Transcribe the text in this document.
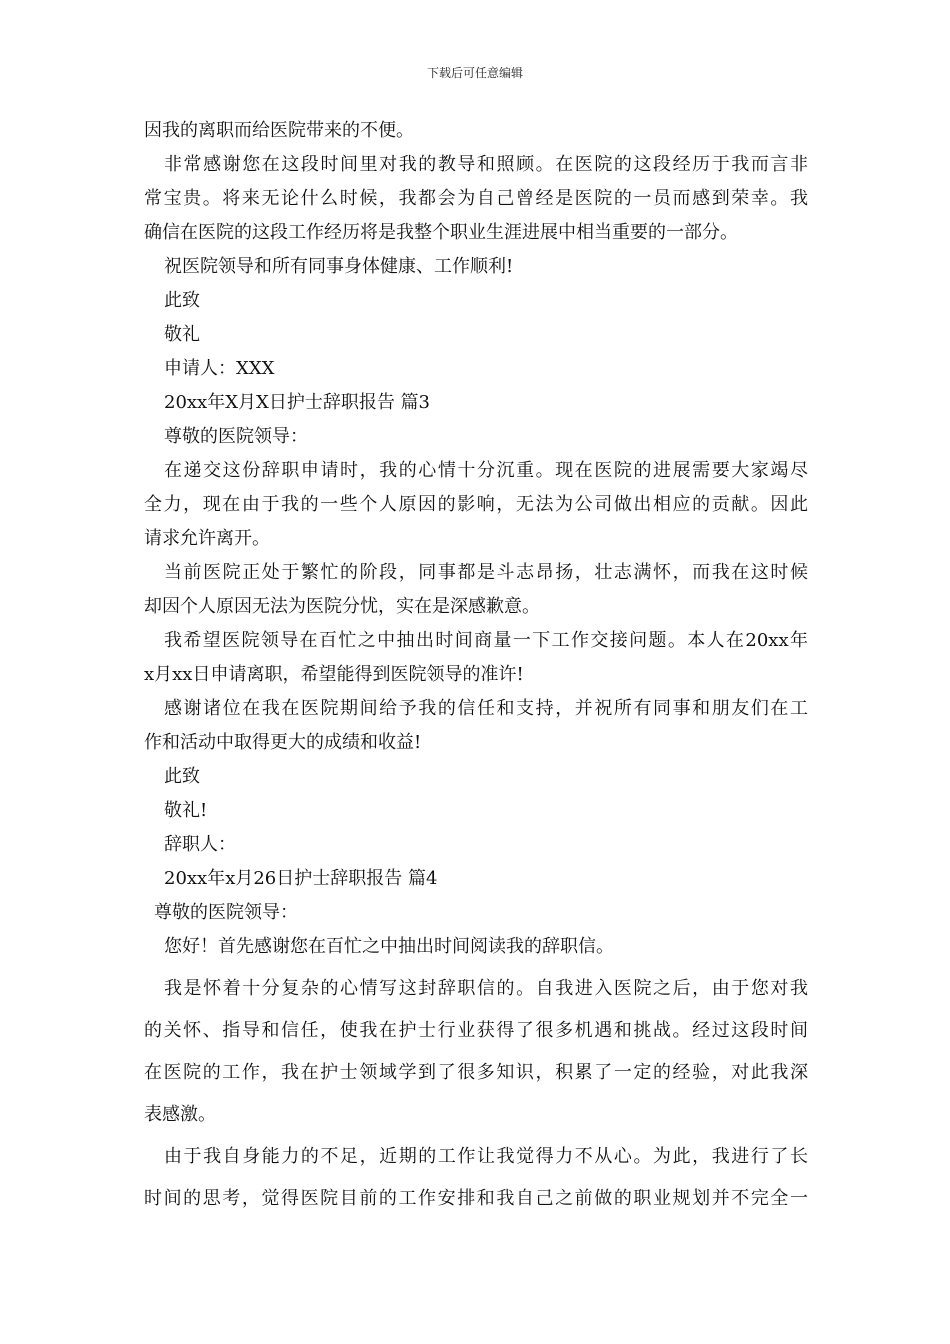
下载后可任意编辑
因我的离职而给医院带来的不便。
非常感谢您在这段时间里对我的教导和照顾。在医院的这段经历于我而言非
常宝贵。将来无论什么时候，我都会为自己曾经是医院的一员而感到荣幸。我
确信在医院的这段工作经历将是我整个职业生涯进展中相当重要的一部分。
祝医院领导和所有同事身体健康、工作顺利!
此致
敬礼
申请人：XXX
20xx年X月X日护士辞职报告 篇3
尊敬的医院领导：
在递交这份辞职申请时，我的心情十分沉重。现在医院的进展需要大家竭尽
全力，现在由于我的一些个人原因的影响，无法为公司做出相应的贡献。因此
请求允许离开。
当前医院正处于繁忙的阶段，同事都是斗志昂扬，壮志满怀，而我在这时候
却因个人原因无法为医院分忧，实在是深感歉意。
我希望医院领导在百忙之中抽出时间商量一下工作交接问题。本人在20xx年
x月xx日申请离职，希望能得到医院领导的准许!
感谢诸位在我在医院期间给予我的信任和支持，并祝所有同事和朋友们在工
作和活动中取得更大的成绩和收益!
此致
敬礼!
辞职人：
20xx年x月26日护士辞职报告 篇4
尊敬的医院领导：
您好！首先感谢您在百忙之中抽出时间阅读我的辞职信。
我是怀着十分复杂的心情写这封辞职信的。自我进入医院之后，由于您对我
的关怀、指导和信任，使我在护士行业获得了很多机遇和挑战。经过这段时间
在医院的工作，我在护士领域学到了很多知识，积累了一定的经验，对此我深
表感激。
由于我自身能力的不足，近期的工作让我觉得力不从心。为此，我进行了长
时间的思考，觉得医院目前的工作安排和我自己之前做的职业规划并不完全一
